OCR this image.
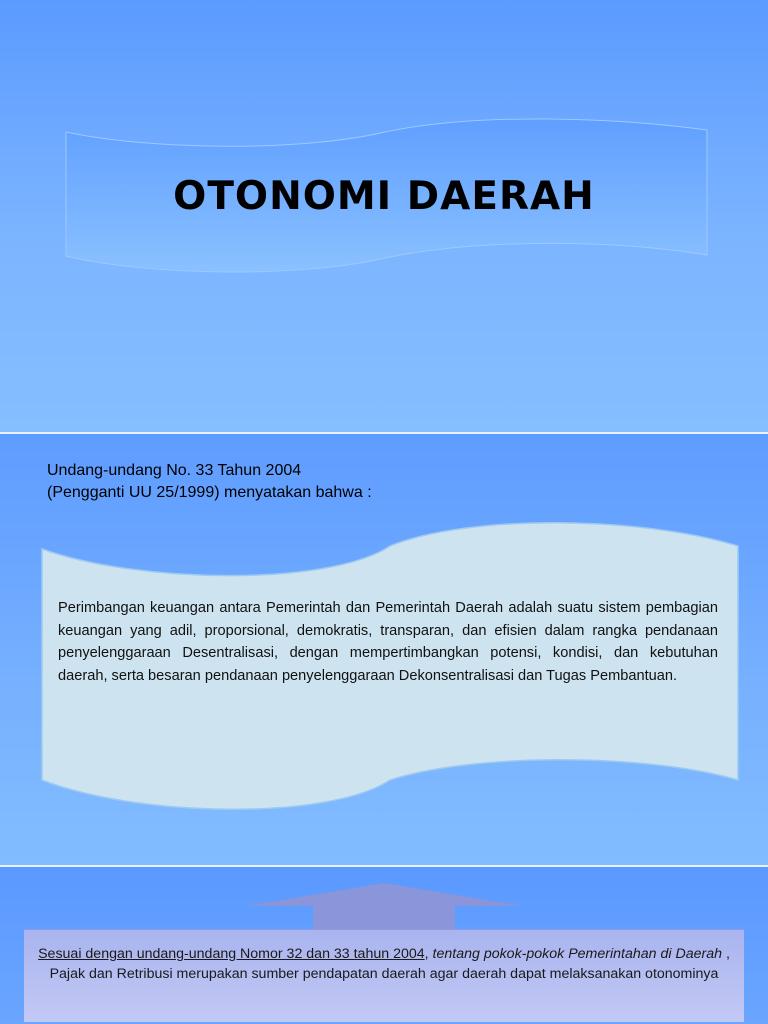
OTONOMI DAERAH
Undang-undang No. 33 Tahun 2004
(Pengganti UU 25/1999) menyatakan bahwa :
Perimbangan keuangan antara Pemerintah dan Pemerintah Daerah adalah suatu sistem pembagian keuangan yang adil, proporsional, demokratis, transparan, dan efisien dalam rangka pendanaan penyelenggaraan Desentralisasi, dengan mempertimbangkan potensi, kondisi, dan kebutuhan daerah, serta besaran pendanaan penyelenggaraan Dekonsentralisasi dan Tugas Pembantuan.
Sesuai dengan undang-undang Nomor 32 dan 33 tahun 2004, tentang pokok-pokok Pemerintahan di Daerah , Pajak dan Retribusi merupakan sumber pendapatan daerah agar daerah dapat melaksanakan otonominya
